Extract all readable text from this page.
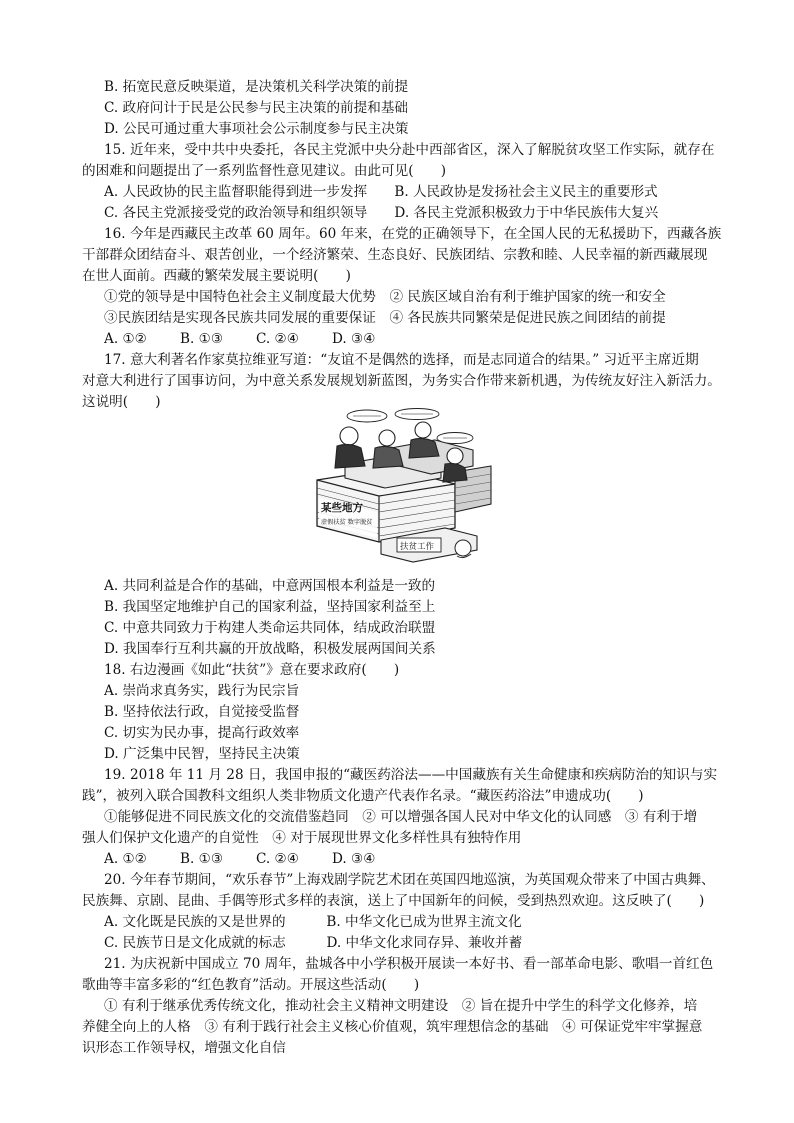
B. 拓宽民意反映渠道，是决策机关科学决策的前提
C. 政府问计于民是公民参与民主决策的前提和基础
D. 公民可通过重大事项社会公示制度参与民主决策
15. 近年来，受中共中央委托，各民主党派中央分赴中西部省区，深入了解脱贫攻坚工作实际，就存在
的困难和问题提出了一系列监督性意见建议。由此可见(　　)
A. 人民政协的民主监督职能得到进一步发挥　　B. 人民政协是发扬社会主义民主的重要形式
C. 各民主党派接受党的政治领导和组织领导　　D. 各民主党派积极致力于中华民族伟大复兴
16. 今年是西藏民主改革 60 周年。60 年来，在党的正确领导下，在全国人民的无私援助下，西藏各族
干部群众团结奋斗、艰苦创业，一个经济繁荣、生态良好、民族团结、宗教和睦、人民幸福的新西藏展现
在世人面前。西藏的繁荣发展主要说明(　　)
①党的领导是中国特色社会主义制度最大优势　② 民族区域自治有利于维护国家的统一和安全
③民族团结是实现各民族共同发展的重要保证　④ 各民族共同繁荣是促进民族之间团结的前提
A. ①②	B. ①③	C. ②④	D. ③④
17. 意大利著名作家莫拉维亚写道：“友谊不是偶然的选择，而是志同道合的结果。” 习近平主席近期
对意大利进行了国事访问，为中意关系发展规划新蓝图，为务实合作带来新机遇，为传统友好注入新活力。
这说明(　　)
某些地方
虚假扶贫 数字脱贫
扶贫工作
A. 共同利益是合作的基础，中意两国根本利益是一致的
B. 我国坚定地维护自己的国家利益，坚持国家利益至上
C. 中意共同致力于构建人类命运共同体，结成政治联盟
D. 我国奉行互利共赢的开放战略，积极发展两国间关系
18. 右边漫画《如此“扶贫”》意在要求政府(　　)
A. 崇尚求真务实，践行为民宗旨
B. 坚持依法行政，自觉接受监督
C. 切实为民办事，提高行政效率
D. 广泛集中民智，坚持民主决策
19. 2018 年 11 月 28 日，我国申报的“藏医药浴法——中国藏族有关生命健康和疾病防治的知识与实
践”，被列入联合国教科文组织人类非物质文化遗产代表作名录。“藏医药浴法”申遗成功(　　)
①能够促进不同民族文化的交流借鉴趋同　② 可以增强各国人民对中华文化的认同感　③ 有利于增
强人们保护文化遗产的自觉性　④ 对于展现世界文化多样性具有独特作用
A. ①②	B. ①③	C. ②④	D. ③④
20. 今年春节期间，“欢乐春节”上海戏剧学院艺术团在英国四地巡演，为英国观众带来了中国古典舞、
民族舞、京剧、昆曲、手偶等形式多样的表演，送上了中国新年的问候，受到热烈欢迎。这反映了(　　)
A. 文化既是民族的又是世界的　　　B. 中华文化已成为世界主流文化
C. 民族节日是文化成就的标志　　　D. 中华文化求同存异、兼收并蓄
21. 为庆祝新中国成立 70 周年，盐城各中小学积极开展读一本好书、看一部革命电影、歌唱一首红色
歌曲等丰富多彩的“红色教育”活动。开展这些活动(　　)
① 有利于继承优秀传统文化，推动社会主义精神文明建设　② 旨在提升中学生的科学文化修养，培
养健全向上的人格　③ 有利于践行社会主义核心价值观，筑牢理想信念的基础　④ 可保证党牢牢掌握意
识形态工作领导权，增强文化自信
